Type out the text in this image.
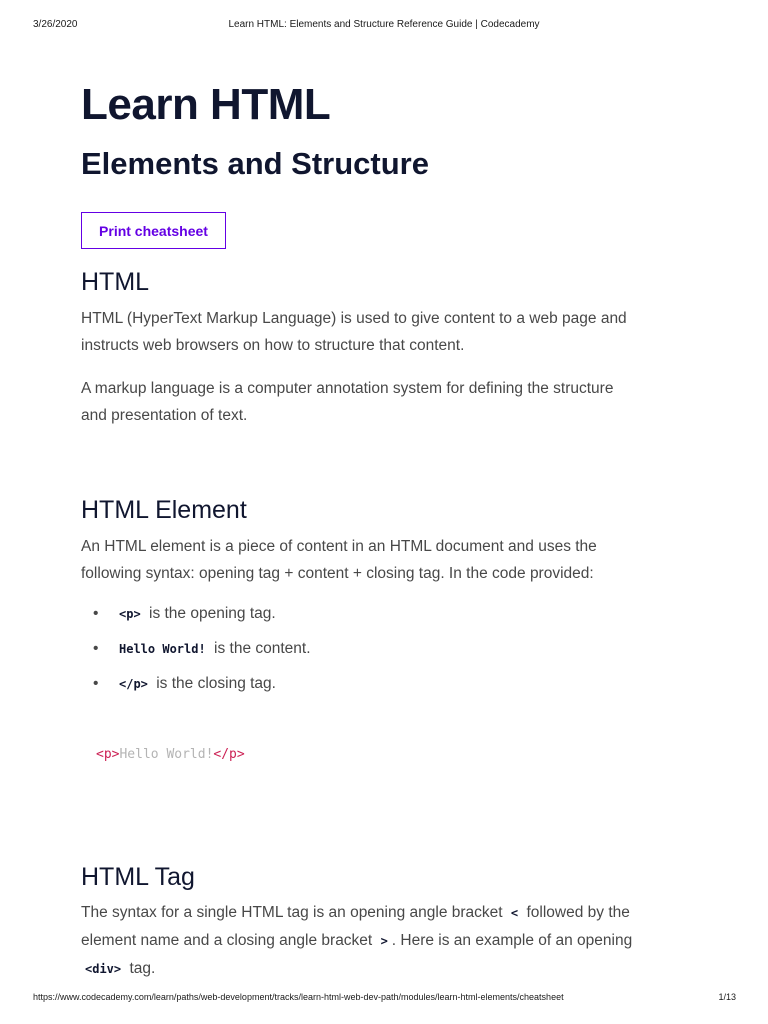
3/26/2020	Learn HTML: Elements and Structure Reference Guide | Codecademy
Learn HTML
Elements and Structure
Print cheatsheet
HTML

HTML (HyperText Markup Language) is used to give content to a web page and
instructs web browsers on how to structure that content.

A markup language is a computer annotation system for defining the structure
and presentation of text.

HTML Element

An HTML element is a piece of content in an HTML document and uses the
following syntax: opening tag + content + closing tag. In the code provided:

• <p> is the opening tag.
• Hello World! is the content.
• </p> is the closing tag.
<p>Hello World!</p>
HTML Tag

The syntax for a single HTML tag is an opening angle bracket < followed by the
element name and a closing angle bracket > . Here is an example of an opening
<div> tag.

https://www.codecademy.com/learn/paths/web-development/tracks/learn-html-web-dev-path/modules/learn-html-elements/cheatsheet	1/13
